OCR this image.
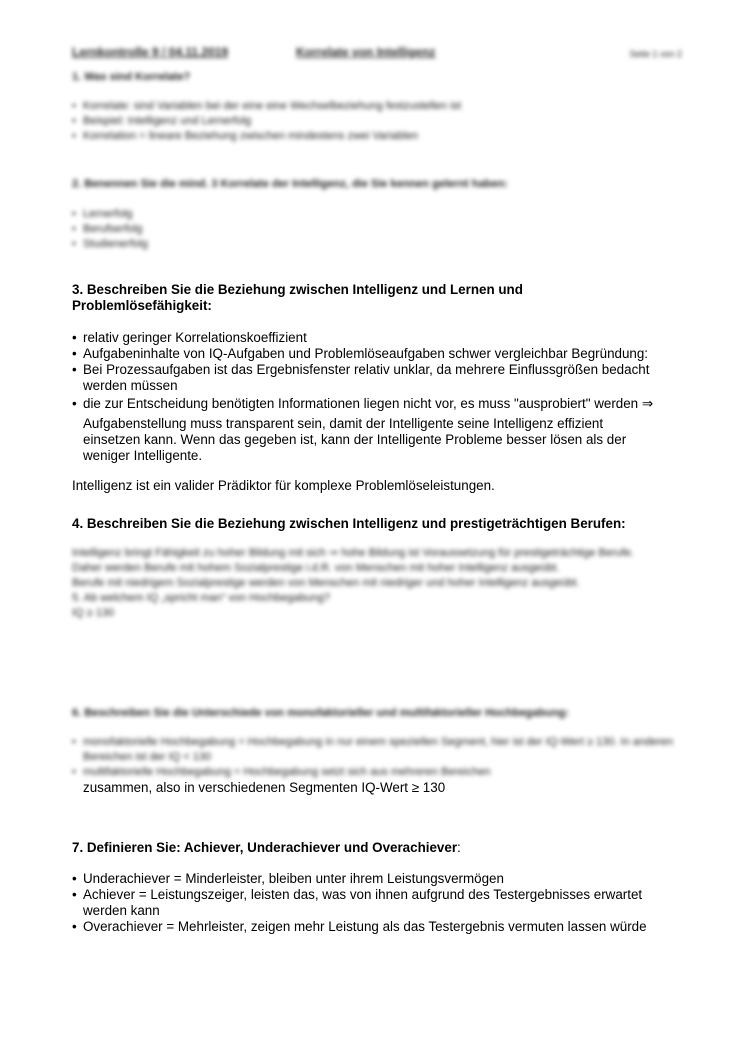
Lernkontrolle 9 / 04.11.2019	Korrelate von Intelligenz	Seite 1 von 2

1. Was sind Korrelate?

• Korrelate: sind Variablen bei der eine eine Wechselbeziehung festzustellen ist
• Beispiel: Intelligenz und Lernerfolg
• Korrelation = lineare Beziehung zwischen mindestens zwei Variablen

2. Benennen Sie die mind. 3 Korrelate der Intelligenz, die Sie kennen gelernt haben:

• Lernerfolg
• Berufserfolg
• Studienerfolg

3. Beschreiben Sie die Beziehung zwischen Intelligenz und Lernen und Problemlösefähigkeit:

• relativ geringer Korrelationskoeffizient
• Aufgabeninhalte von IQ-Aufgaben und Problemlöseaufgaben schwer vergleichbar Begründung:
• Bei Prozessaufgaben ist das Ergebnisfenster relativ unklar, da mehrere Einflussgrößen bedacht werden müssen
• die zur Entscheidung benötigten Informationen liegen nicht vor, es muss "ausprobiert" werden ⇒

Aufgabenstellung muss transparent sein, damit der Intelligente seine Intelligenz effizient einsetzen kann. Wenn das gegeben ist, kann der Intelligente Probleme besser lösen als der weniger Intelligente.

Intelligenz ist ein valider Prädiktor für komplexe Problemlöseleistungen.

4. Beschreiben Sie die Beziehung zwischen Intelligenz und prestigeträchtigen Berufen:

Intelligenz bringt Fähigkeit zu hoher Bildung mit sich ⇒ hohe Bildung ist Voraussetzung für prestigeträchtige Berufe.

Daher werden Berufe mit hohem Sozialprestige i.d.R. von Menschen mit hoher Intelligenz ausgeübt.

Berufe mit niedrigem Sozialprestige werden von Menschen mit niedriger und hoher Intelligenz ausgeübt.

5. Ab welchem IQ „spricht man“ von Hochbegabung?

IQ ≥ 130

6. Beschreiben Sie die Unterschiede von monofaktorieller und multifaktorieller Hochbegabung:

• monofaktorielle Hochbegabung = Hochbegabung in nur einem speziellen Segment, hier ist der IQ-Wert ≥ 130. In anderen Bereichen ist der IQ < 130
• multifaktorielle Hochbegabung = Hochbegabung setzt sich aus mehreren Bereichen

zusammen, also in verschiedenen Segmenten IQ-Wert ≥ 130

7. Definieren Sie: Achiever, Underachiever und Overachiever:

• Underachiever = Minderleister, bleiben unter ihrem Leistungsvermögen
• Achiever = Leistungszeiger, leisten das, was von ihnen aufgrund des Testergebnisses erwartet werden kann
• Overachiever = Mehrleister, zeigen mehr Leistung als das Testergebnis vermuten lassen würde
